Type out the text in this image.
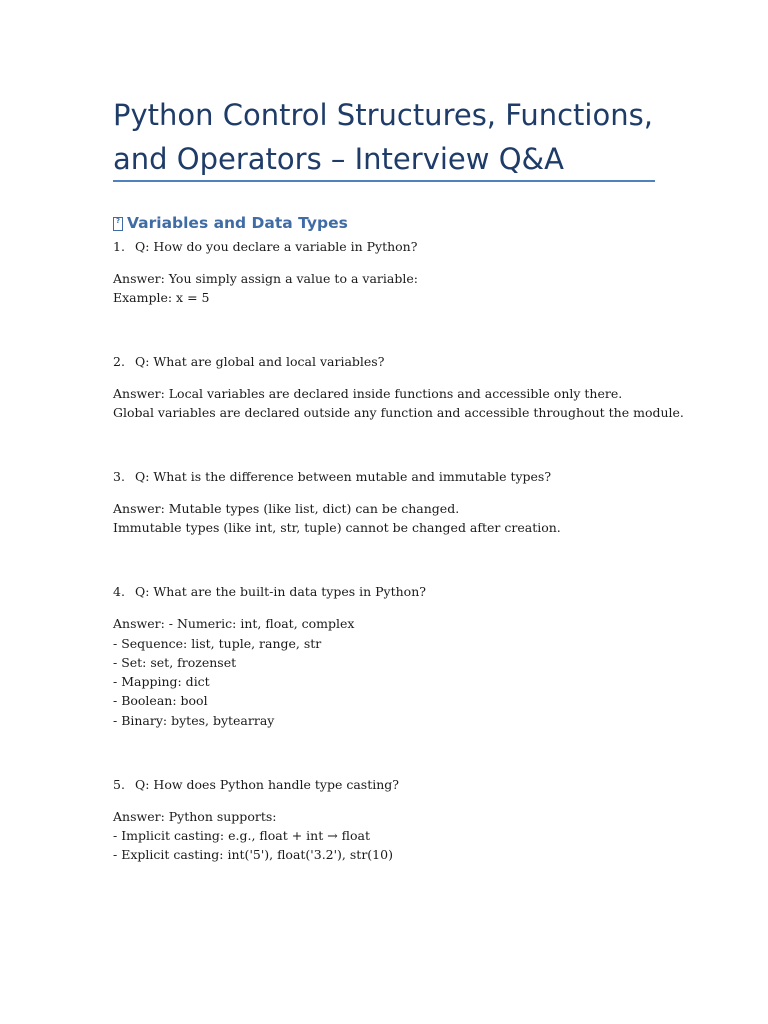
Python Control Structures, Functions,
and Operators – Interview Q&A
? Variables and Data Types

1. Q: How do you declare a variable in Python?

Answer: You simply assign a value to a variable:

Example: x = 5

2. Q: What are global and local variables?

Answer: Local variables are declared inside functions and accessible only there.

Global variables are declared outside any function and accessible throughout the module.

3. Q: What is the difference between mutable and immutable types?

Answer: Mutable types (like list, dict) can be changed.

Immutable types (like int, str, tuple) cannot be changed after creation.

4. Q: What are the built-in data types in Python?

Answer: - Numeric: int, float, complex

- Sequence: list, tuple, range, str

- Set: set, frozenset

- Mapping: dict

- Boolean: bool

- Binary: bytes, bytearray

5. Q: How does Python handle type casting?

Answer: Python supports:

- Implicit casting: e.g., float + int → float

- Explicit casting: int('5'), float('3.2'), str(10)
